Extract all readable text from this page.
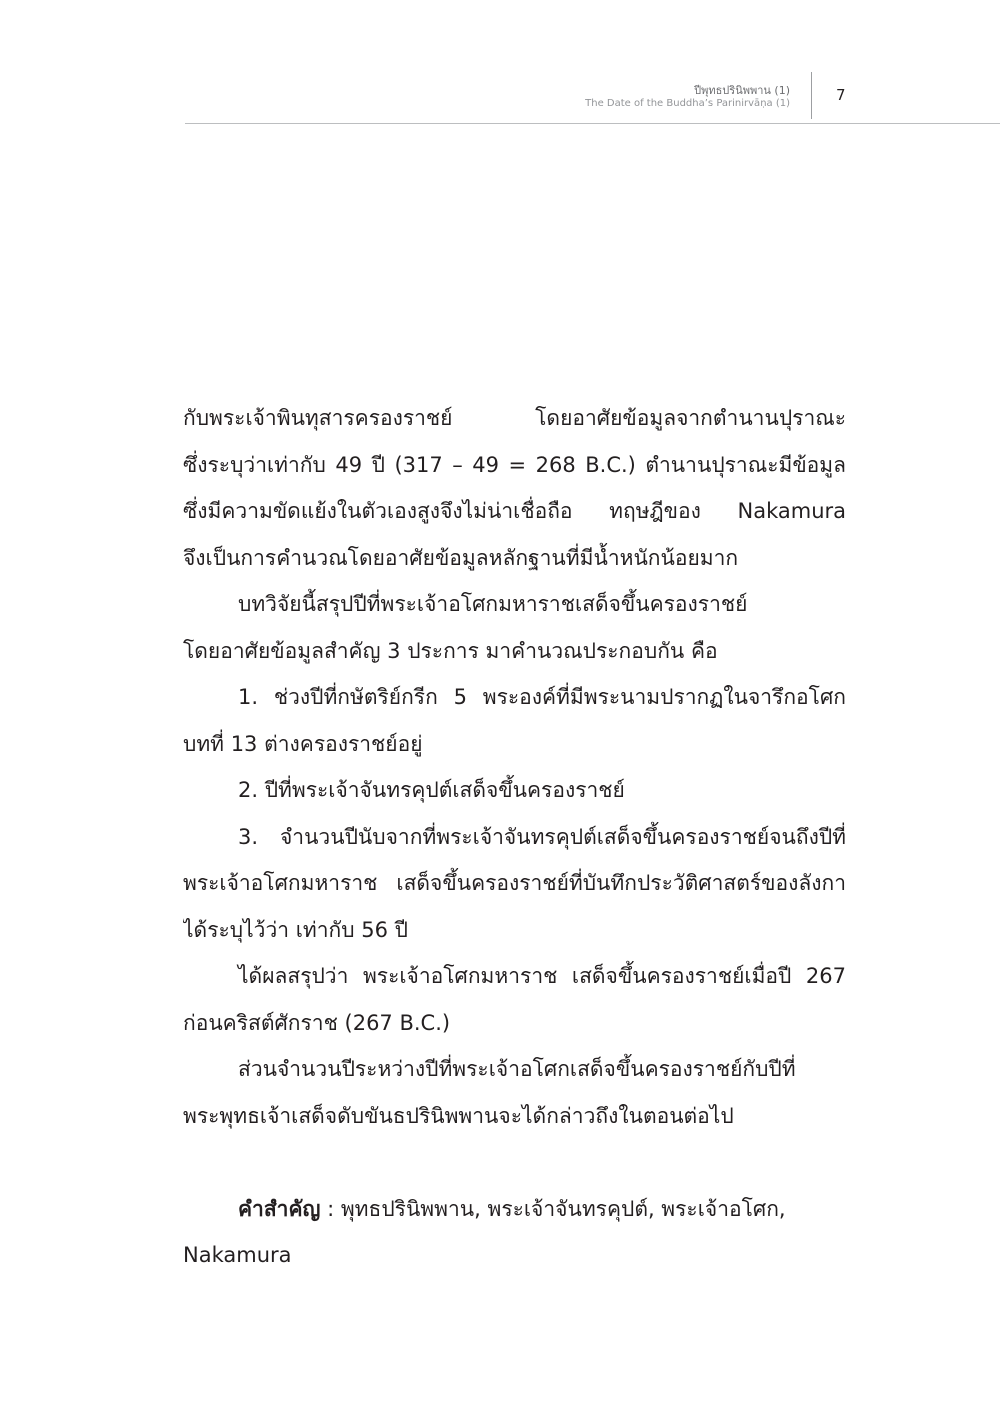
ปีพุทธปรินิพพาน (1)
The Date of the Buddha’s Parinirvāṇa (1)	7
กับพระเจ้าพินทุสารครองราชย์ โดยอาศัยข้อมูลจากตำนานปุราณะ
ซึ่งระบุว่าเท่ากับ 49 ปี (317 – 49 = 268 B.C.) ตำนานปุราณะมีข้อมูล
ซึ่งมีความขัดแย้งในตัวเองสูงจึงไม่น่าเชื่อถือ ทฤษฎีของ Nakamura
จึงเป็นการคำนวณโดยอาศัยข้อมูลหลักฐานที่มีน้ำหนักน้อยมาก
บทวิจัยนี้สรุปปีที่พระเจ้าอโศกมหาราชเสด็จขึ้นครองราชย์
โดยอาศัยข้อมูลสำคัญ 3 ประการ มาคำนวณประกอบกัน คือ
1. ช่วงปีที่กษัตริย์กรีก 5 พระองค์ที่มีพระนามปรากฏในจารึกอโศก
บทที่ 13 ต่างครองราชย์อยู่
2. ปีที่พระเจ้าจันทรคุปต์เสด็จขึ้นครองราชย์
3. จำนวนปีนับจากที่พระเจ้าจันทรคุปต์เสด็จขึ้นครองราชย์จนถึงปีที่
พระเจ้าอโศกมหาราช เสด็จขึ้นครองราชย์ที่บันทึกประวัติศาสตร์ของลังกา
ได้ระบุไว้ว่า เท่ากับ 56 ปี
ได้ผลสรุปว่า พระเจ้าอโศกมหาราช เสด็จขึ้นครองราชย์เมื่อปี 267
ก่อนคริสต์ศักราช (267 B.C.)
ส่วนจำนวนปีระหว่างปีที่พระเจ้าอโศกเสด็จขึ้นครองราชย์กับปีที่
พระพุทธเจ้าเสด็จดับขันธปรินิพพานจะได้กล่าวถึงในตอนต่อไป
คำสำคัญ : พุทธปรินิพพาน, พระเจ้าจันทรคุปต์, พระเจ้าอโศก,
Nakamura
